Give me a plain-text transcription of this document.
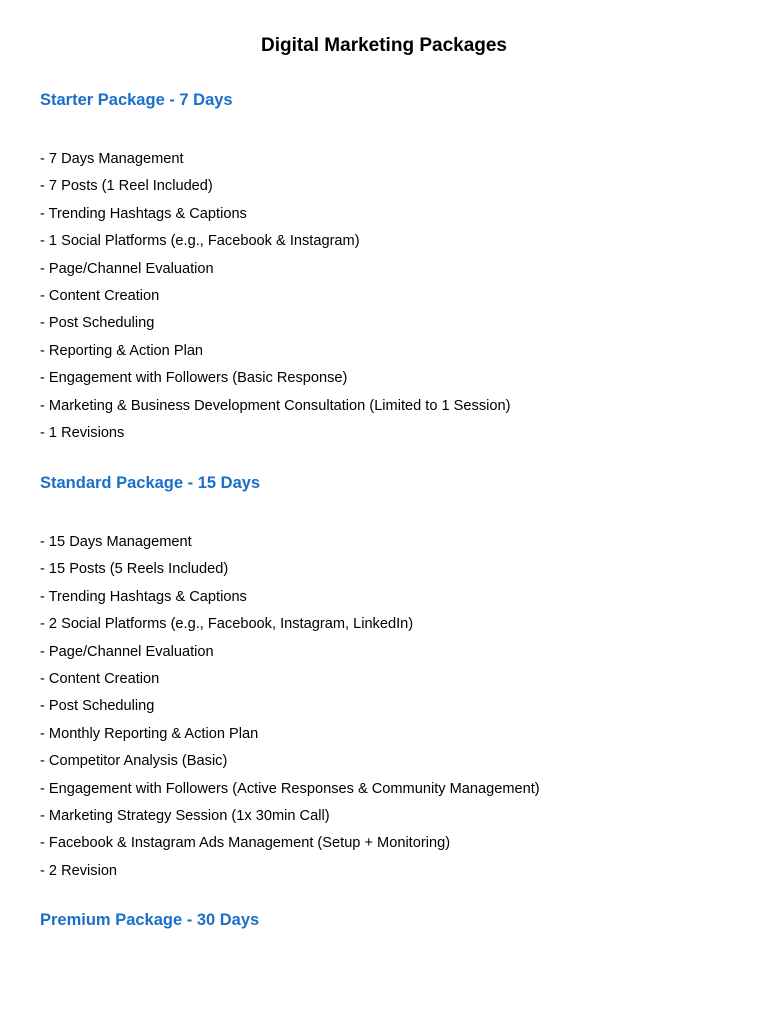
Digital Marketing Packages
Starter Package - 7 Days
- 7 Days Management
- 7 Posts (1 Reel Included)
- Trending Hashtags & Captions
- 1 Social Platforms (e.g., Facebook & Instagram)
- Page/Channel Evaluation
- Content Creation
- Post Scheduling
- Reporting & Action Plan
- Engagement with Followers (Basic Response)
- Marketing & Business Development Consultation (Limited to 1 Session)
- 1 Revisions
Standard Package - 15 Days
- 15 Days Management
- 15 Posts (5 Reels Included)
- Trending Hashtags & Captions
- 2 Social Platforms (e.g., Facebook, Instagram, LinkedIn)
- Page/Channel Evaluation
- Content Creation
- Post Scheduling
- Monthly Reporting & Action Plan
- Competitor Analysis (Basic)
- Engagement with Followers (Active Responses & Community Management)
- Marketing Strategy Session (1x 30min Call)
- Facebook & Instagram Ads Management (Setup + Monitoring)
- 2 Revision
Premium Package - 30 Days
